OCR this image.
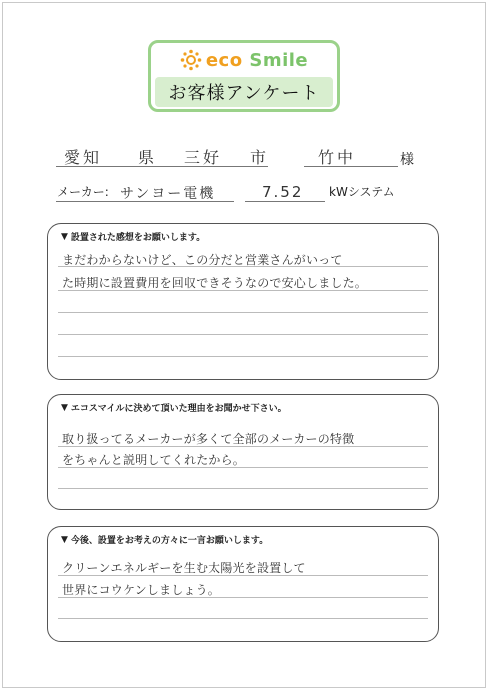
eco Smile
お客様アンケート
愛知 県 三好 市	竹中	様
メーカー: サンヨー電機	7.52 kWシステム
▼ 設置された感想をお願いします。
まだわからないけど、この分だと営業さんがいって
た時期に設置費用を回収できそうなので安心しました。
▼ エコスマイルに決めて頂いた理由をお聞かせ下さい。
取り扱ってるメーカーが多くて全部のメーカーの特徴
をちゃんと説明してくれたから。
▼ 今後、設置をお考えの方々に一言お願いします。
クリーンエネルギーを生む太陽光を設置して
世界にコウケンしましょう。
